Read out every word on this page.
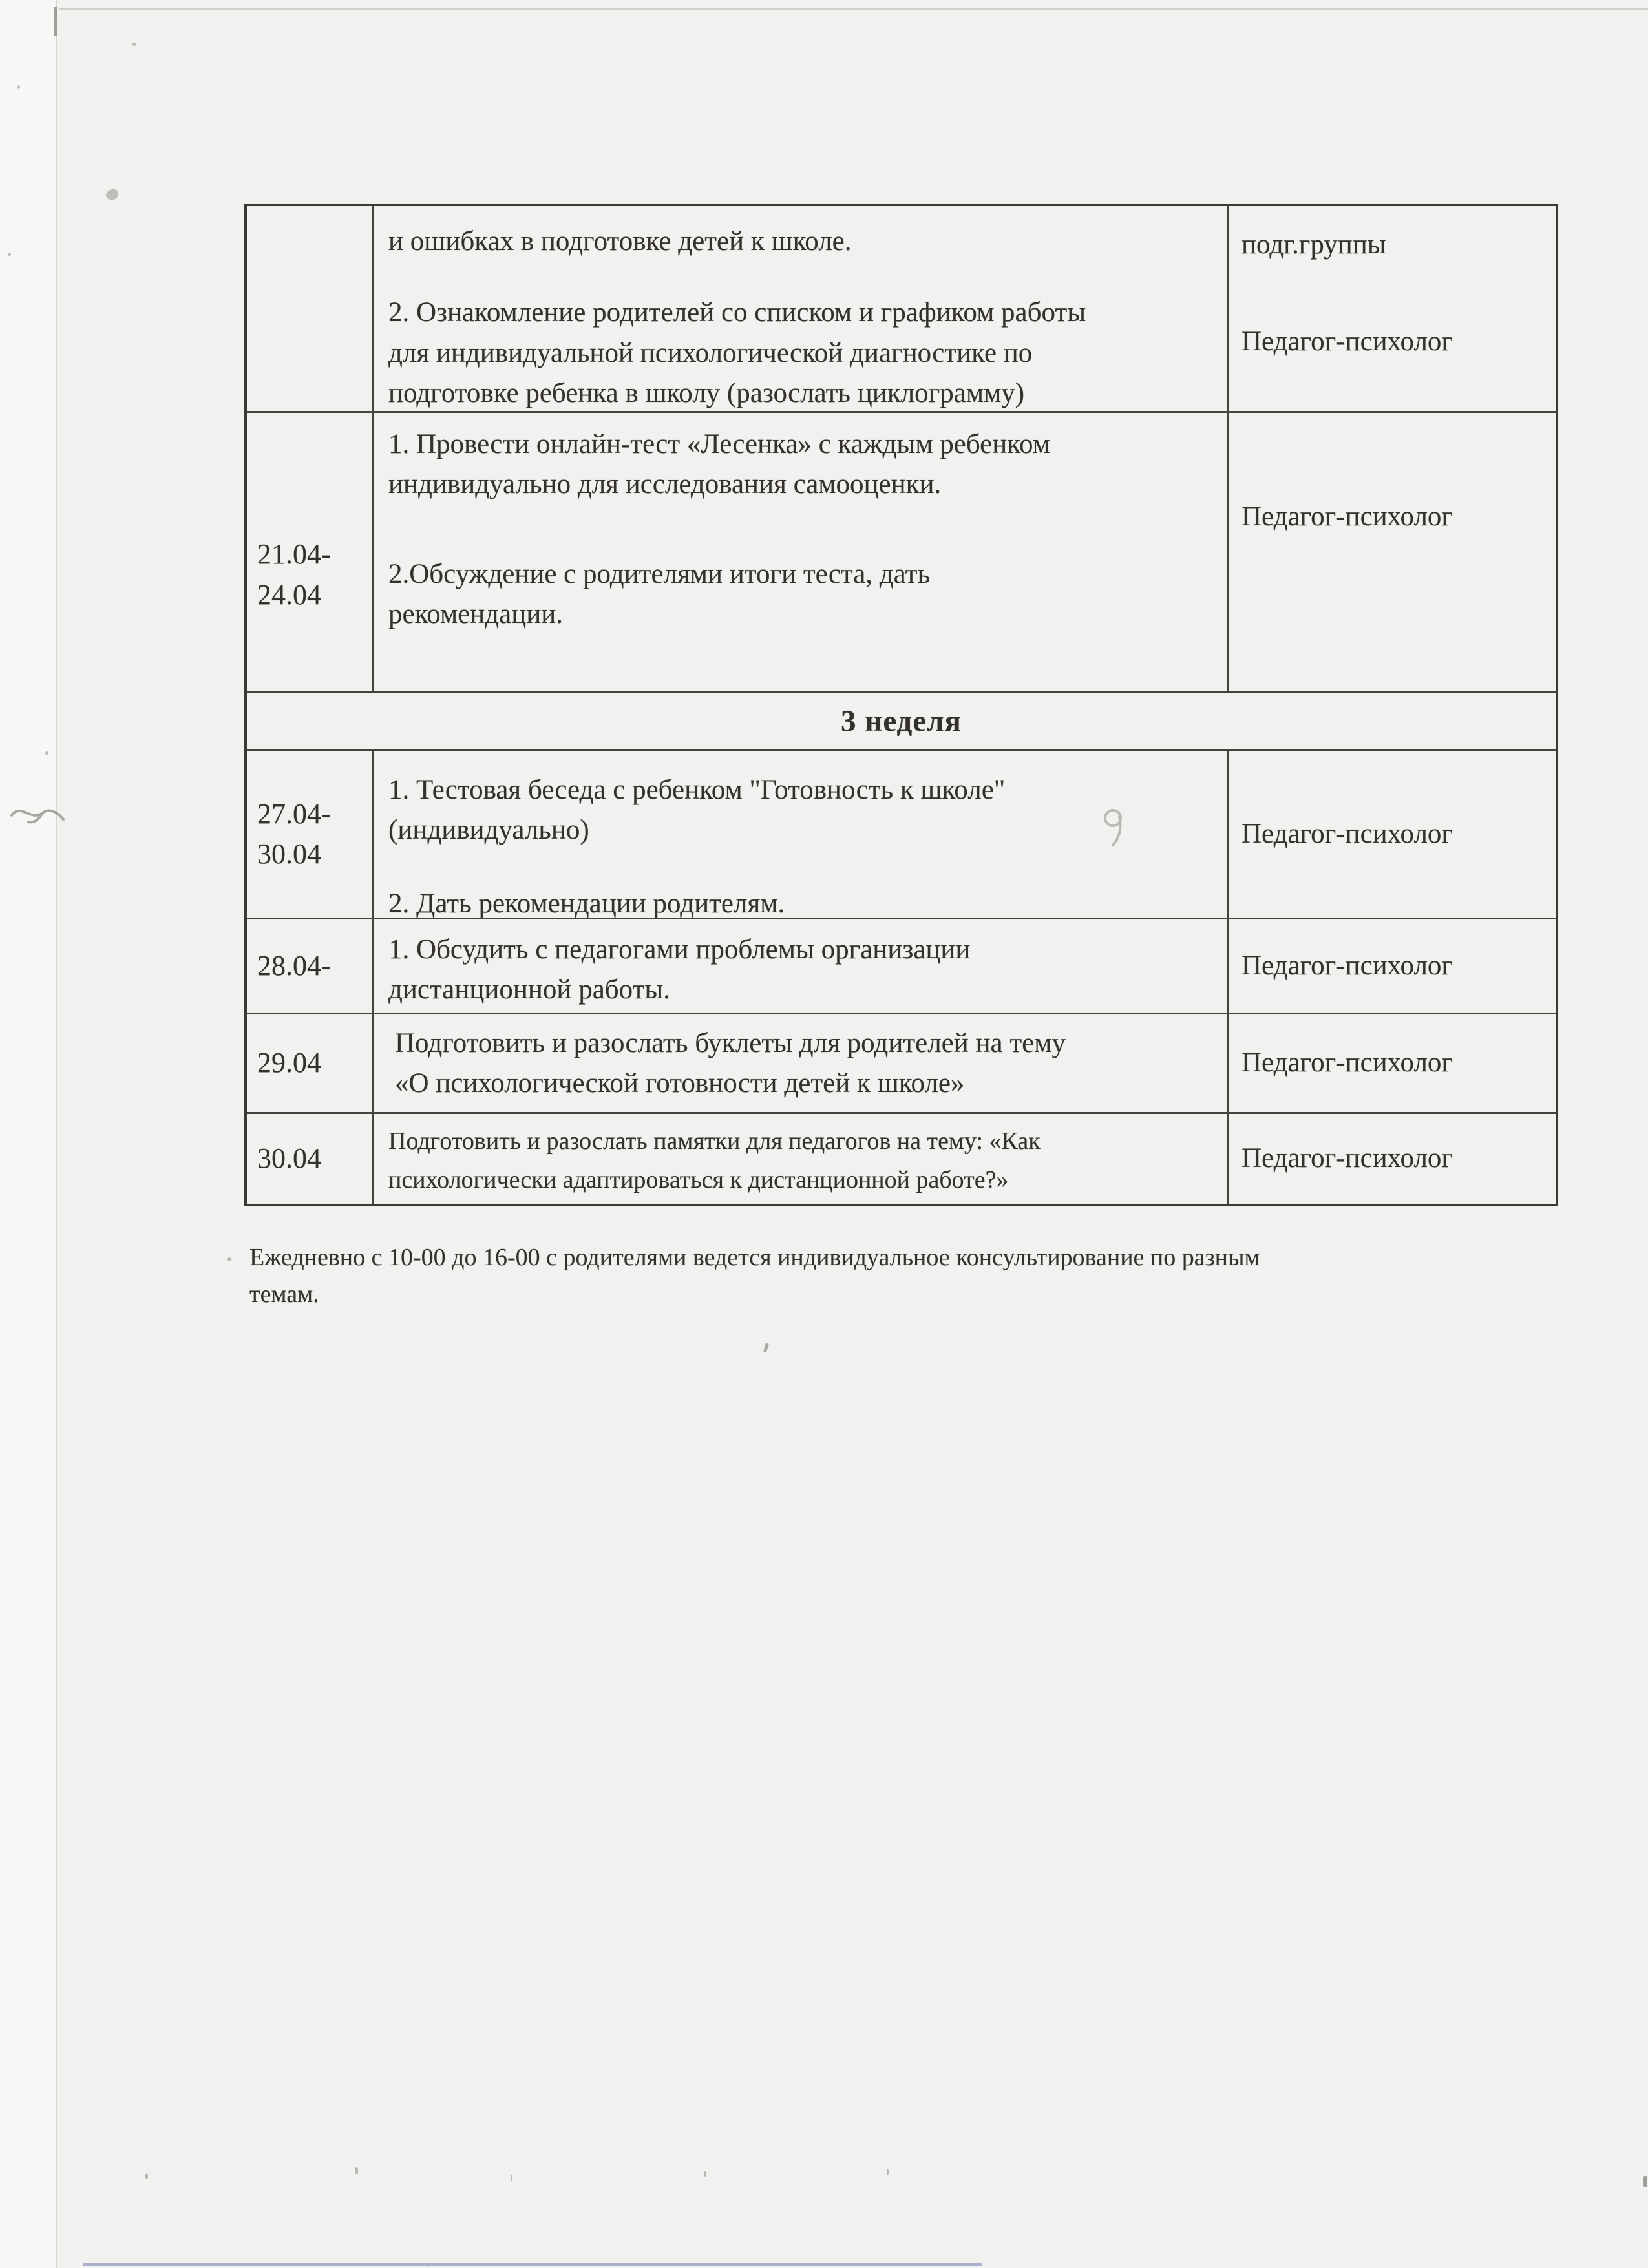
и ошибках в подготовке детей к школе.
2. Ознакомление родителей со списком и графиком работы
для индивидуальной психологической диагностике по
подготовке ребенка в школу (разослать циклограмму)
подг.группы
Педагог-психолог
21.04-
24.04
1. Провести онлайн-тест «Лесенка» с каждым ребенком
индивидуально для исследования самооценки.
2.Обсуждение с родителями итоги теста, дать
рекомендации.
Педагог-психолог
3 неделя
27.04-
30.04
1. Тестовая беседа с ребенком "Готовность к школе"
(индивидуально)
2. Дать рекомендации родителям.
Педагог-психолог
28.04-
1. Обсудить с педагогами проблемы организации
дистанционной работы.
Педагог-психолог
29.04
Подготовить и разослать буклеты для родителей на тему
«О психологической готовности детей к школе»
Педагог-психолог
30.04
Подготовить и разослать памятки для педагогов на тему: «Как
психологически адаптироваться к дистанционной работе?»
Педагог-психолог
Ежедневно с 10-00 до 16-00 с родителями ведется индивидуальное консультирование по разным
темам.
